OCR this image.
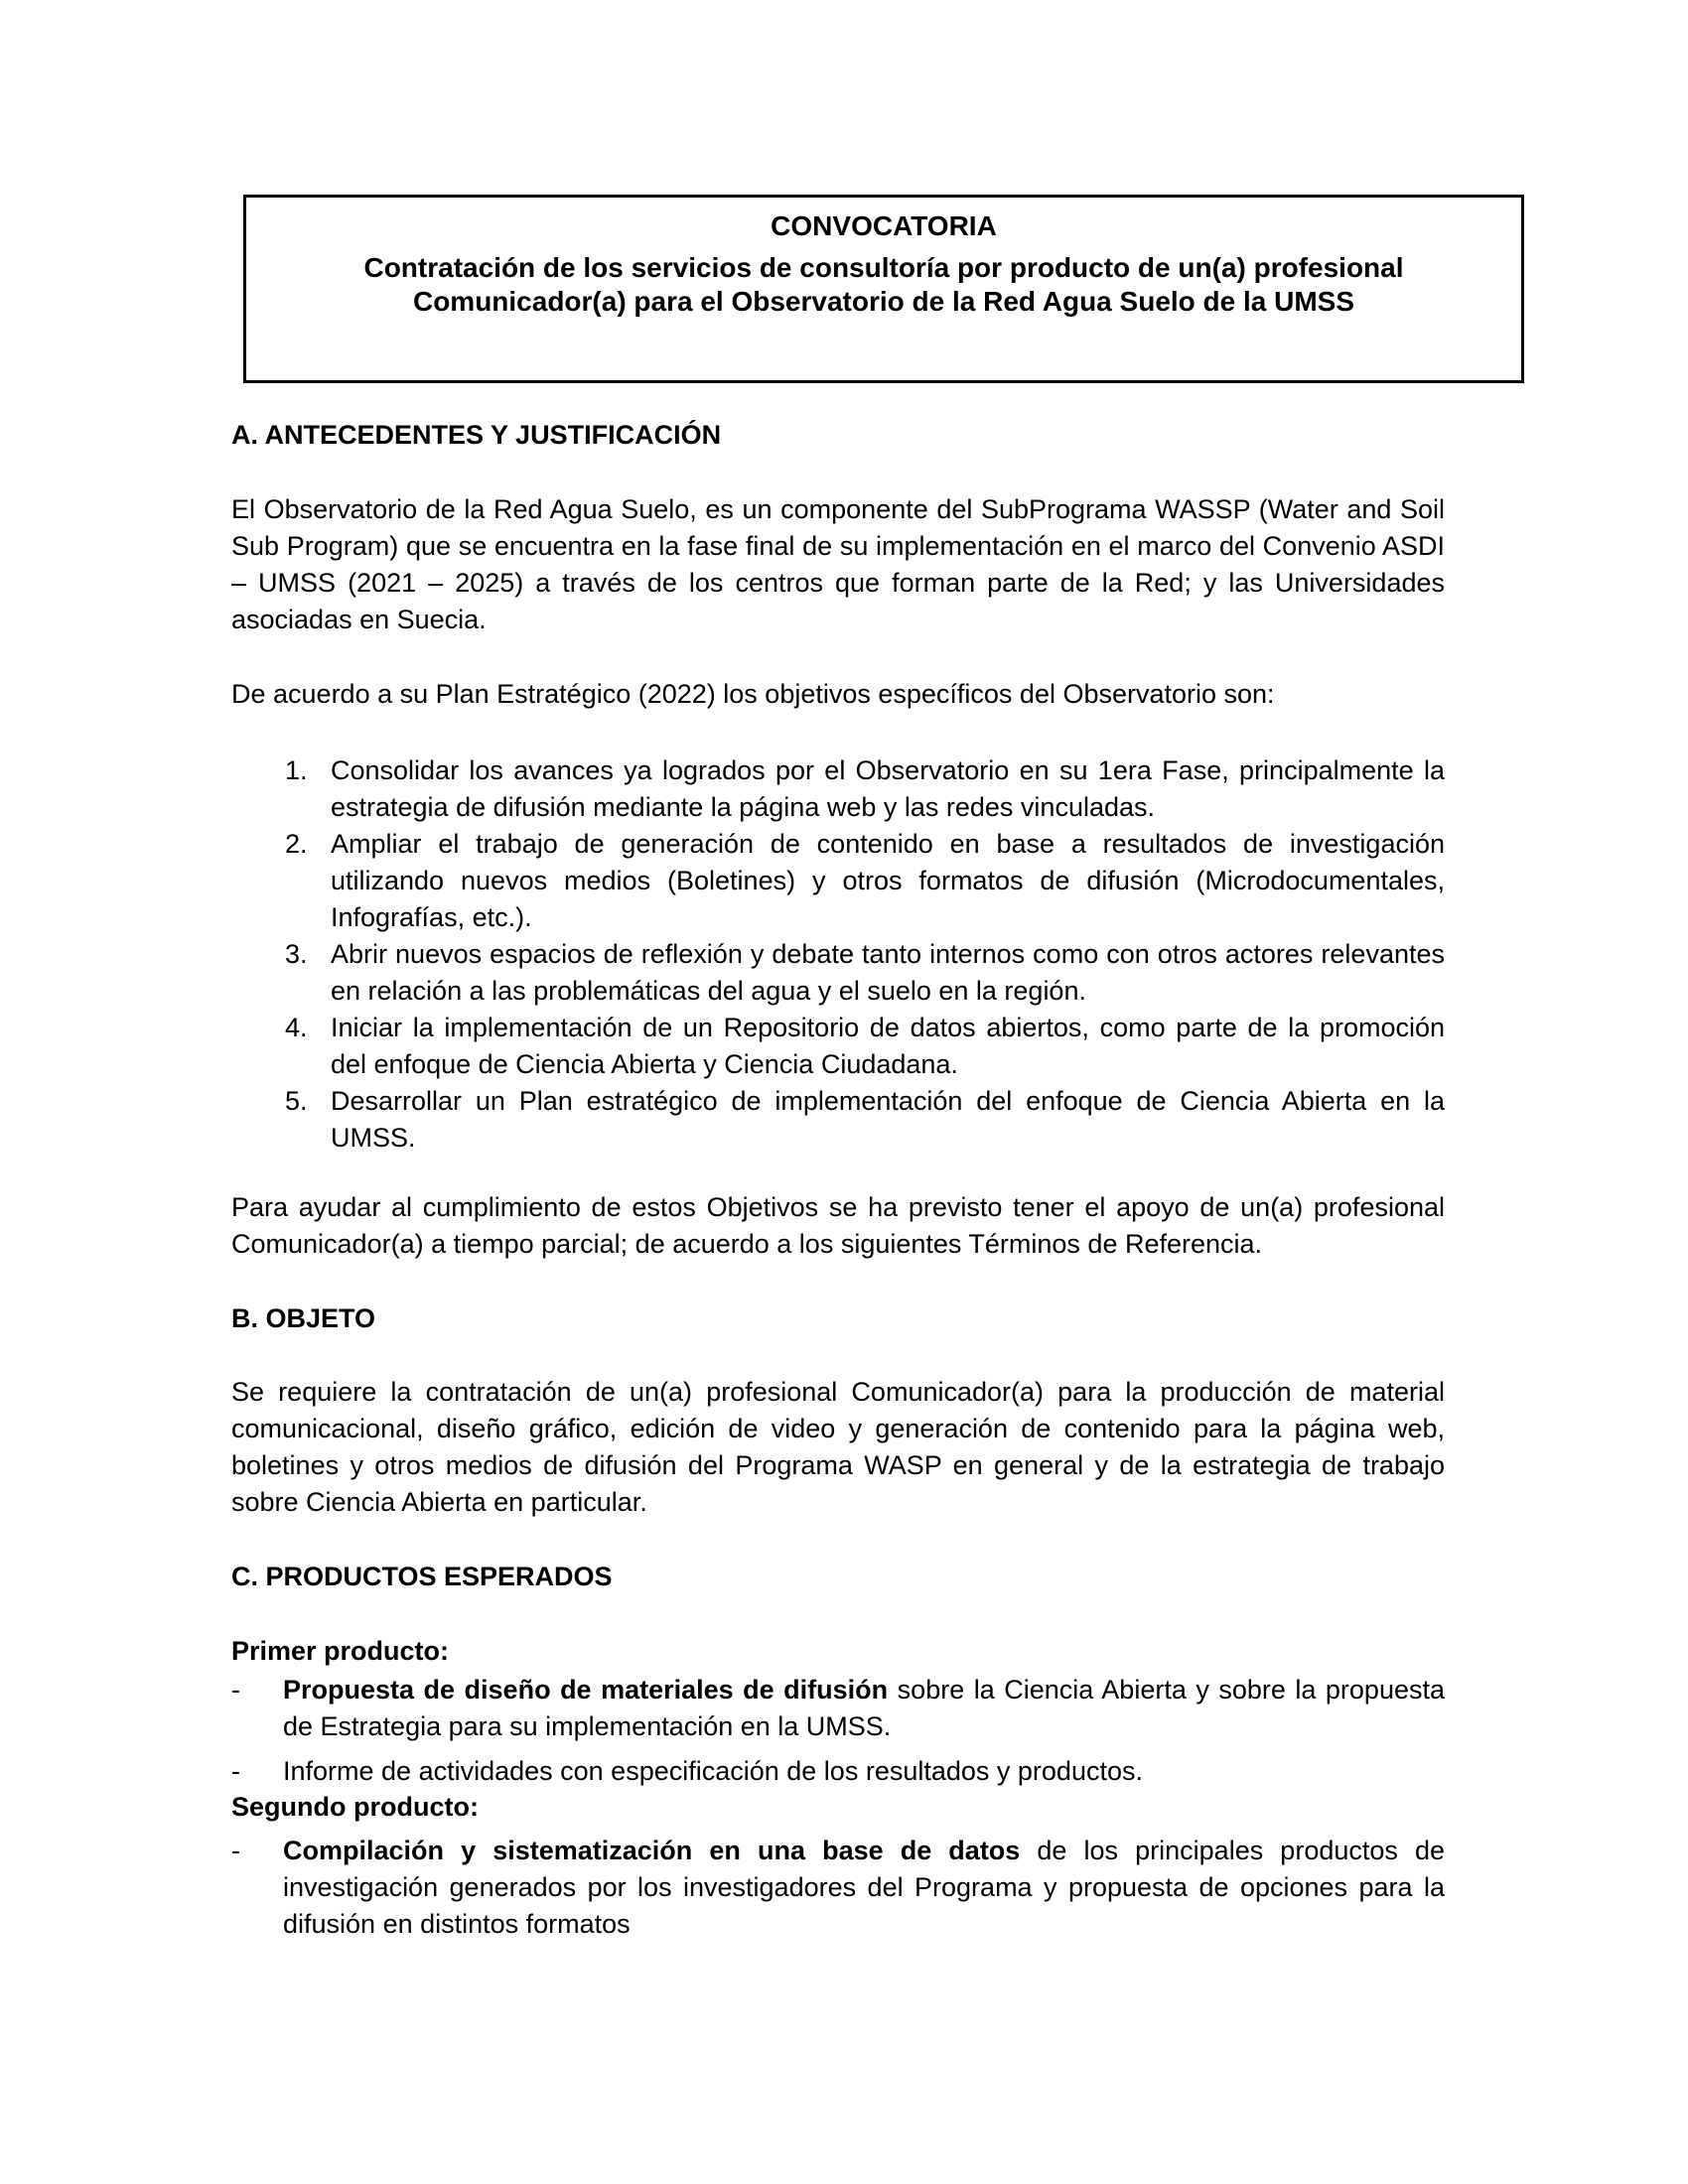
CONVOCATORIA
Contratación de los servicios de consultoría por producto de un(a) profesional Comunicador(a) para el Observatorio de la Red Agua Suelo de la UMSS
A. ANTECEDENTES Y JUSTIFICACIÓN
El Observatorio de la Red Agua Suelo, es un componente del SubPrograma WASSP (Water and Soil Sub Program) que se encuentra en la fase final de su implementación en el marco del Convenio ASDI – UMSS (2021 – 2025) a través de los centros que forman parte de la Red; y las Universidades asociadas en Suecia.
De acuerdo a su Plan Estratégico (2022) los objetivos específicos del Observatorio son:
1. Consolidar los avances ya logrados por el Observatorio en su 1era Fase, principalmente la estrategia de difusión mediante la página web y las redes vinculadas.
2. Ampliar el trabajo de generación de contenido en base a resultados de investigación utilizando nuevos medios (Boletines) y otros formatos de difusión (Microdocumentales, Infografías, etc.).
3. Abrir nuevos espacios de reflexión y debate tanto internos como con otros actores relevantes en relación a las problemáticas del agua y el suelo en la región.
4. Iniciar la implementación de un Repositorio de datos abiertos, como parte de la promoción del enfoque de Ciencia Abierta y Ciencia Ciudadana.
5. Desarrollar un Plan estratégico de implementación del enfoque de Ciencia Abierta en la UMSS.
Para ayudar al cumplimiento de estos Objetivos se ha previsto tener el apoyo de un(a) profesional Comunicador(a) a tiempo parcial; de acuerdo a los siguientes Términos de Referencia.
B. OBJETO
Se requiere la contratación de un(a) profesional Comunicador(a) para la producción de material comunicacional, diseño gráfico, edición de video y generación de contenido para la página web, boletines y otros medios de difusión del Programa WASP en general y de la estrategia de trabajo sobre Ciencia Abierta en particular.
C. PRODUCTOS ESPERADOS
Primer producto:
- Propuesta de diseño de materiales de difusión sobre la Ciencia Abierta y sobre la propuesta de Estrategia para su implementación en la UMSS.
- Informe de actividades con especificación de los resultados y productos.
Segundo producto:
- Compilación y sistematización en una base de datos de los principales productos de investigación generados por los investigadores del Programa y propuesta de opciones para la difusión en distintos formatos
